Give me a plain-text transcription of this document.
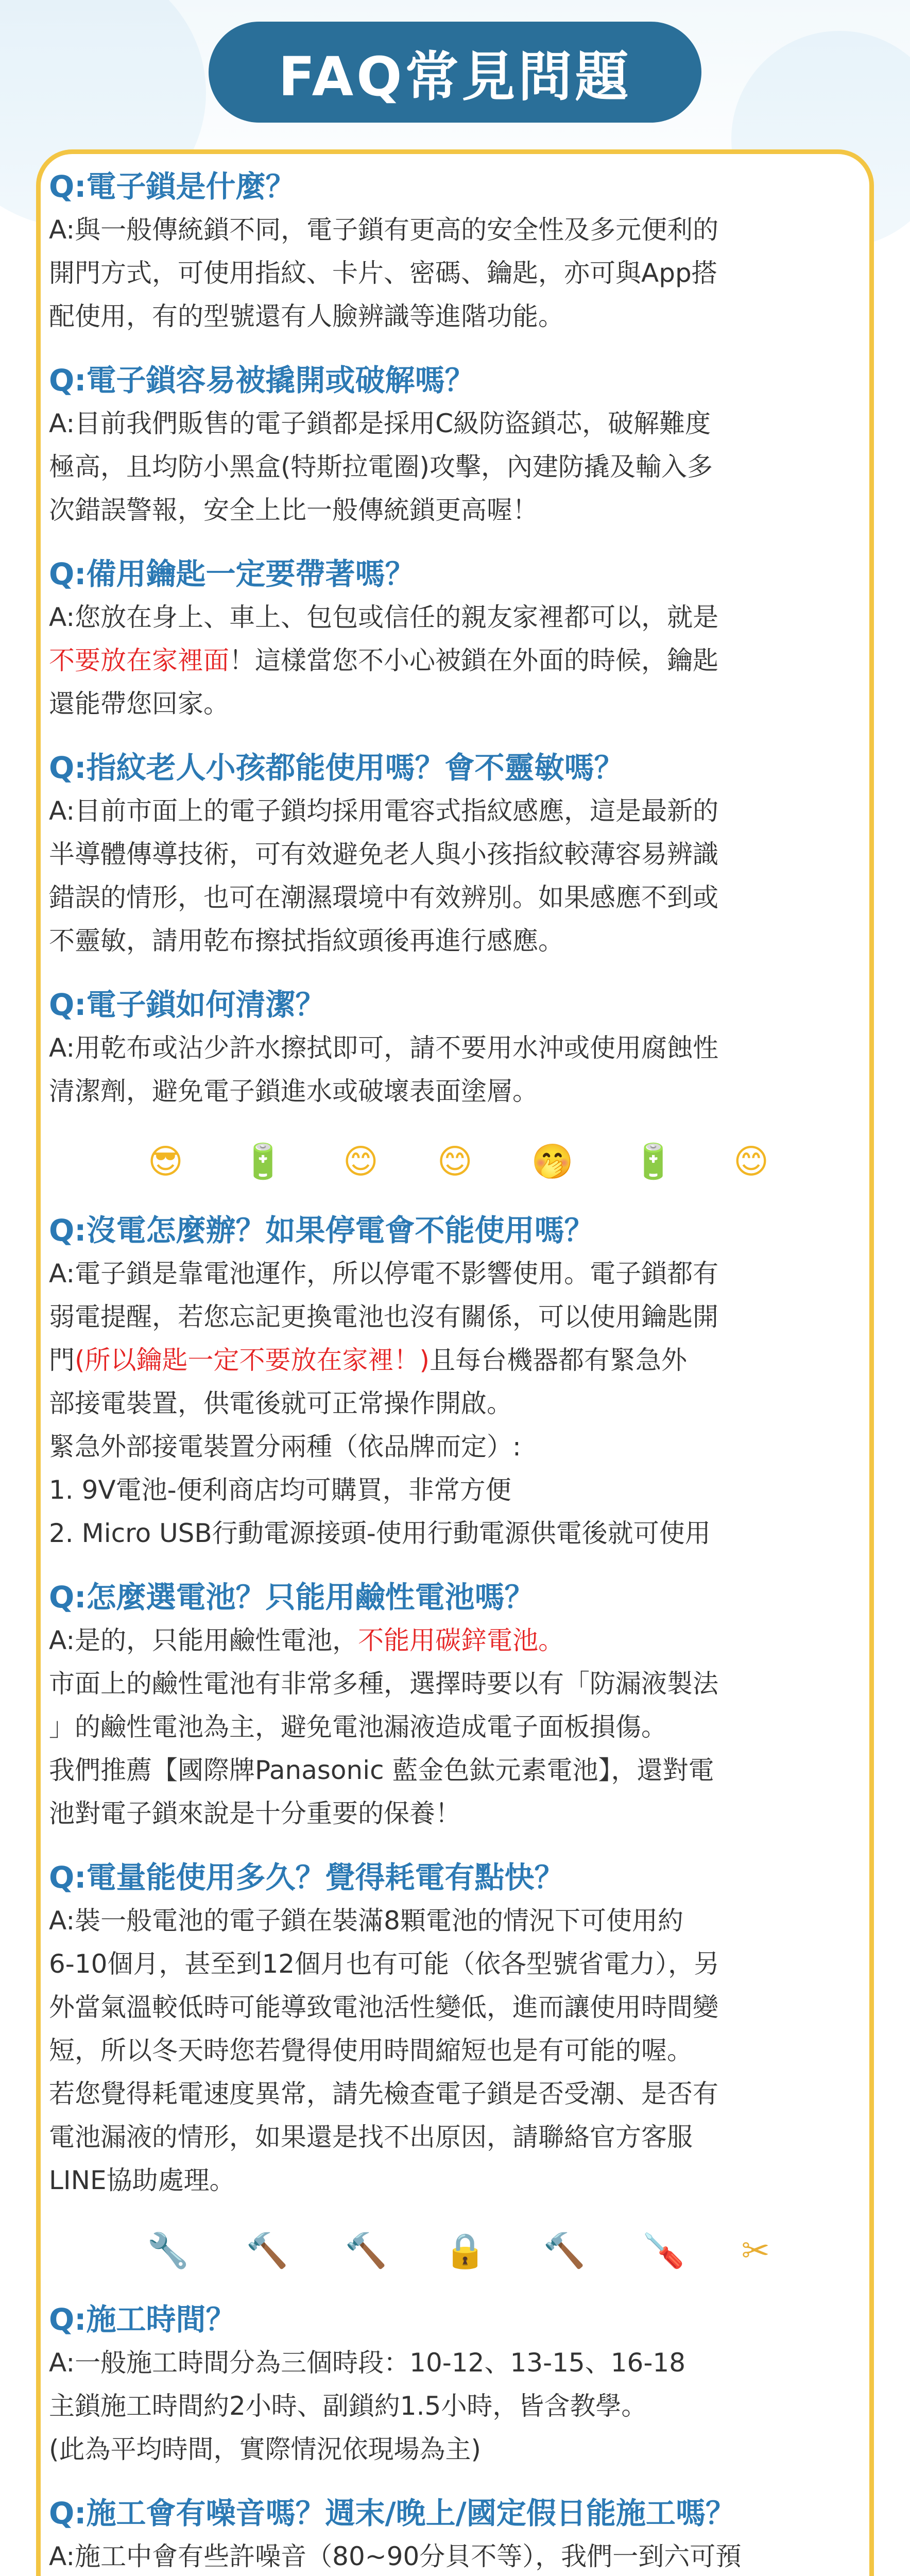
FAQ常見問題

Q:電子鎖是什麼？

A:與一般傳統鎖不同，電子鎖有更高的安全性及多元便利的

開門方式，可使用指紋、卡片、密碼、鑰匙，亦可與App搭

配使用，有的型號還有人臉辨識等進階功能。

Q:電子鎖容易被撬開或破解嗎？

A:目前我們販售的電子鎖都是採用C級防盜鎖芯，破解難度

極高，且均防小黑盒(特斯拉電圈)攻擊，內建防撬及輸入多

次錯誤警報，安全上比一般傳統鎖更高喔！

Q:備用鑰匙一定要帶著嗎？

A:您放在身上、車上、包包或信任的親友家裡都可以，就是

不要放在家裡面！這樣當您不小心被鎖在外面的時候，鑰匙

還能帶您回家。

Q:指紋老人小孩都能使用嗎？會不靈敏嗎？

A:目前市面上的電子鎖均採用電容式指紋感應，這是最新的

半導體傳導技術，可有效避免老人與小孩指紋較薄容易辨識

錯誤的情形，也可在潮濕環境中有效辨別。如果感應不到或

不靈敏，請用乾布擦拭指紋頭後再進行感應。

Q:電子鎖如何清潔？

A:用乾布或沾少許水擦拭即可，請不要用水沖或使用腐蝕性

清潔劑，避免電子鎖進水或破壞表面塗層。

😎 🔋 😊 😊 🤭 🔋 😊

Q:沒電怎麼辦？如果停電會不能使用嗎？

A:電子鎖是靠電池運作，所以停電不影響使用。電子鎖都有

弱電提醒，若您忘記更換電池也沒有關係，可以使用鑰匙開

門(所以鑰匙一定不要放在家裡！)且每台機器都有緊急外

部接電裝置，供電後就可正常操作開啟。

緊急外部接電裝置分兩種（依品牌而定）:

1. 9V電池-便利商店均可購買，非常方便

2. Micro USB行動電源接頭-使用行動電源供電後就可使用

Q:怎麼選電池？只能用鹼性電池嗎？

A:是的，只能用鹼性電池，不能用碳鋅電池。

市面上的鹼性電池有非常多種，選擇時要以有「防漏液製法

」的鹼性電池為主，避免電池漏液造成電子面板損傷。

我們推薦【國際牌Panasonic 藍金色鈦元素電池】，還對電

池對電子鎖來說是十分重要的保養！

Q:電量能使用多久？覺得耗電有點快？

A:裝一般電池的電子鎖在裝滿8顆電池的情況下可使用約

6-10個月，甚至到12個月也有可能（依各型號省電力），另

外當氣溫較低時可能導致電池活性變低，進而讓使用時間變

短，所以冬天時您若覺得使用時間縮短也是有可能的喔。

若您覺得耗電速度異常，請先檢查電子鎖是否受潮、是否有

電池漏液的情形，如果還是找不出原因，請聯絡官方客服

LINE協助處理。

🔧 🔨 🔨 🔒 🔨 🪛 ✂

Q:施工時間？

A:一般施工時間分為三個時段：10-12、13-15、16-18

主鎖施工時間約2小時、副鎖約1.5小時，皆含教學。

(此為平均時間，實際情況依現場為主)

Q:施工會有噪音嗎？週末/晚上/國定假日能施工嗎？

A:施工中會有些許噪音（80~90分貝不等），我們一到六可預
